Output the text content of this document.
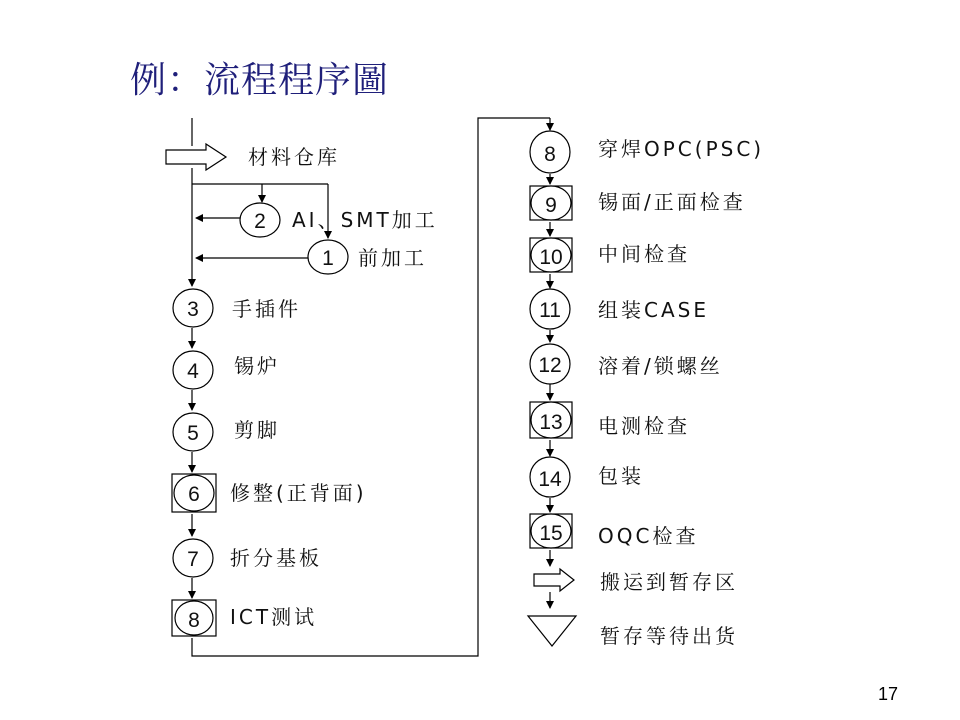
例：流程程序圖
材料仓库
2 AI、SMT加工
1 前加工
3 手插件
4 锡炉
5 剪脚
6 修整(正背面)
7 折分基板
8 ICT测试
8 穿焊OPC(PSC)
9 锡面/正面检查
10 中间检查
11 组装CASE
12 溶着/锁螺丝
13 电测检查
14 包装
15 OQC检查
搬运到暂存区
暂存等待出货
17
